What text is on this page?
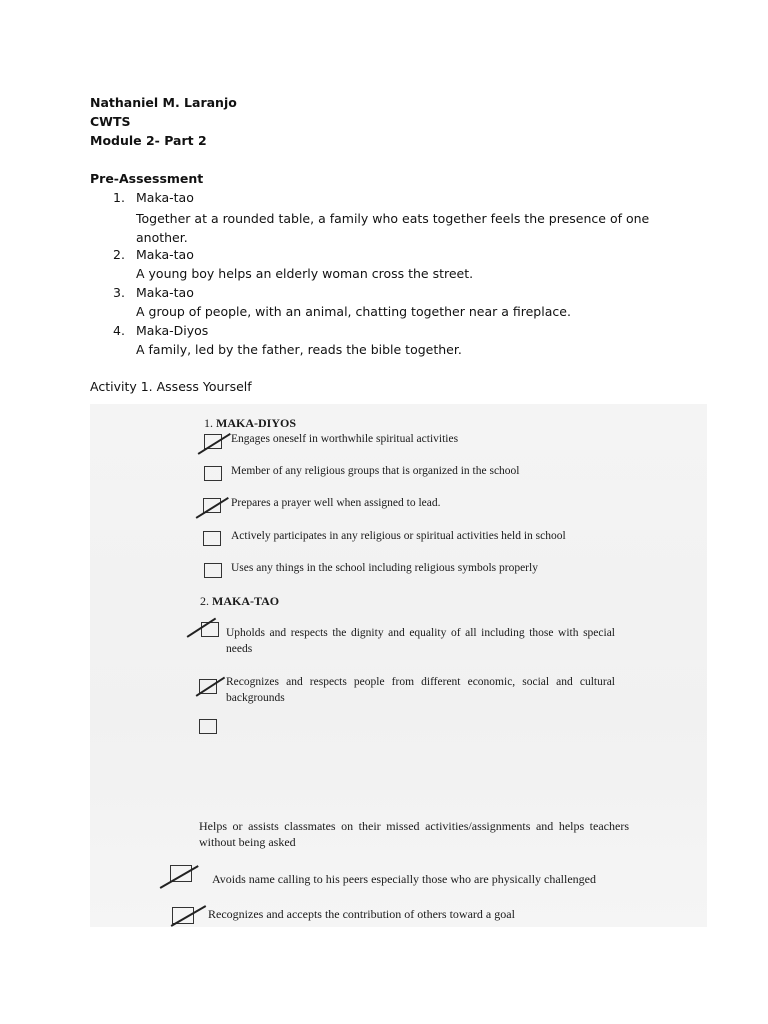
Nathaniel M. Laranjo
CWTS
Module 2- Part 2
Pre-Assessment
1. Maka-tao
Together at a rounded table, a family who eats together feels the presence of one another.
2. Maka-tao
A young boy helps an elderly woman cross the street.
3. Maka-tao
A group of people, with an animal, chatting together near a fireplace.
4. Maka-Diyos
A family, led by the father, reads the bible together.
Activity 1. Assess Yourself
1. MAKA-DIYOS
Engages oneself in worthwhile spiritual activities
Member of any religious groups that is organized in the school
Prepares a prayer well when assigned to lead.
Actively participates in any religious or spiritual activities held in school
Uses any things in the school including religious symbols properly
2. MAKA-TAO
Upholds and respects the dignity and equality of all including those with special needs
Recognizes and respects people from different economic, social and cultural backgrounds
Helps or assists classmates on their missed activities/assignments and helps teachers without being asked
Avoids name calling to his peers especially those who are physically challenged
Recognizes and accepts the contribution of others toward a goal
